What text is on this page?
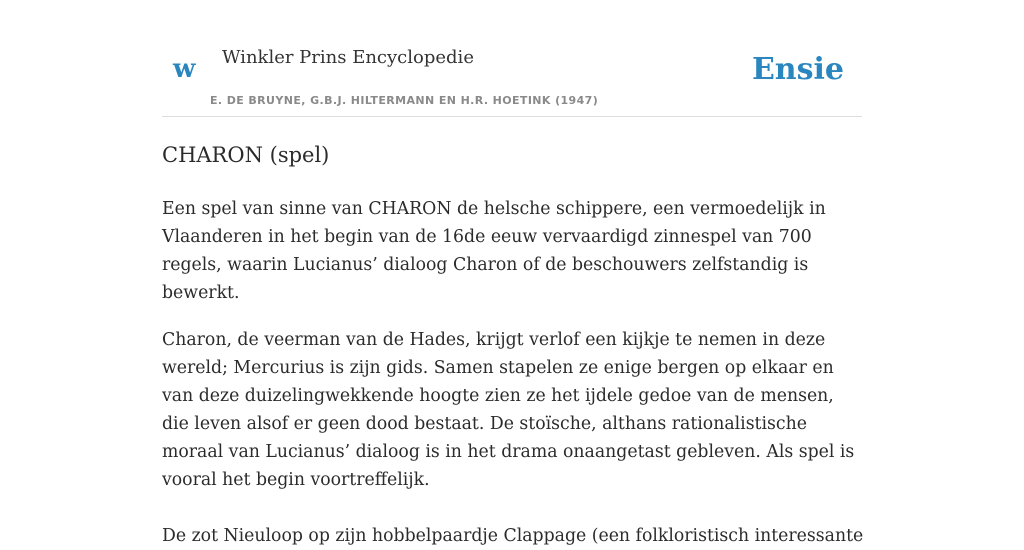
w Winkler Prins Encyclopedie
E. DE BRUYNE, G.B.J. HILTERMANN EN H.R. HOETINK (1947)
Ensie
CHARON (spel)

Een spel van sinne van CHARON de helsche schippere, een vermoedelijk in Vlaanderen in het begin van de 16de eeuw vervaardigd zinnespel van 700 regels, waarin Lucianus’ dialoog Charon of de beschouwers zelfstandig is bewerkt.

Charon, de veerman van de Hades, krijgt verlof een kijkje te nemen in deze wereld; Mercurius is zijn gids. Samen stapelen ze enige bergen op elkaar en van deze duizelingwekkende hoogte zien ze het ijdele gedoe van de mensen, die leven alsof er geen dood bestaat. De stoïsche, althans rationalistische moraal van Lucianus’ dialoog is in het drama onaangetast gebleven. Als spel is vooral het begin voortreffelijk.

De zot Nieuloop op zijn hobbelpaardje Clappage (een folkloristisch interessante
